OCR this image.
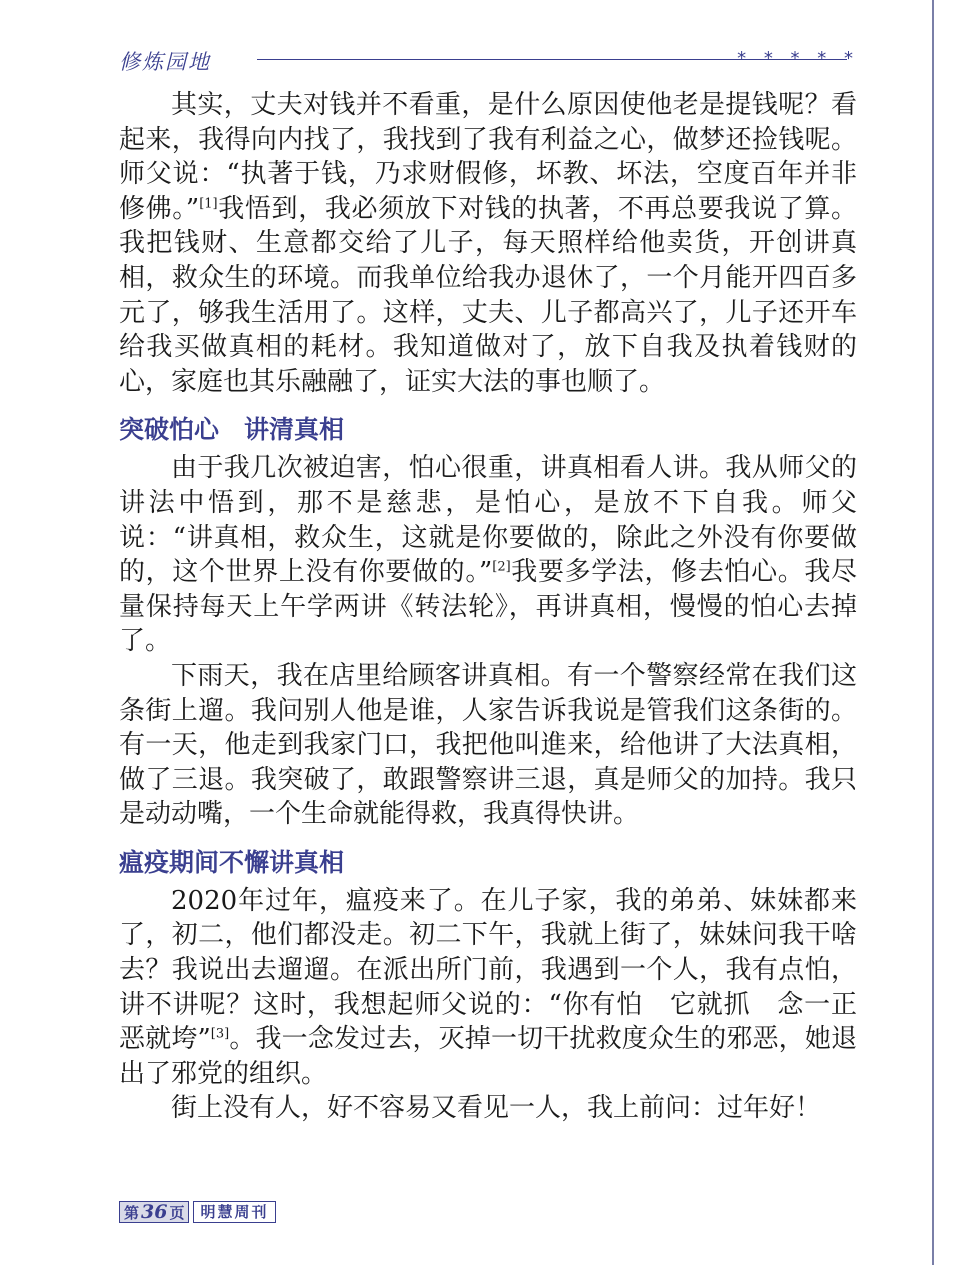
修炼园地	* * * * *

其实，丈夫对钱并不看重，是什么原因使他老是提钱呢？看起来，我得向内找了，我找到了我有利益之心，做梦还捡钱呢。师父说：“执著于钱，乃求财假修，坏教、坏法，空度百年并非修佛。”[1]我悟到，我必须放下对钱的执著，不再总要我说了算。我把钱财、生意都交给了儿子，每天照样给他卖货，开创讲真相，救众生的环境。而我单位给我办退休了，一个月能开四百多元了，够我生活用了。这样，丈夫、儿子都高兴了，儿子还开车给我买做真相的耗材。我知道做对了，放下自我及执着钱财的心，家庭也其乐融融了，证实大法的事也顺了。

突破怕心　讲清真相

由于我几次被迫害，怕心很重，讲真相看人讲。我从师父的讲法中悟到，那不是慈悲，是怕心，是放不下自我。师父说：“讲真相，救众生，这就是你要做的，除此之外没有你要做的，这个世界上没有你要做的。”[2]我要多学法，修去怕心。我尽量保持每天上午学两讲《转法轮》，再讲真相，慢慢的怕心去掉了。

下雨天，我在店里给顾客讲真相。有一个警察经常在我们这条街上遛。我问别人他是谁，人家告诉我说是管我们这条街的。有一天，他走到我家门口，我把他叫進来，给他讲了大法真相，做了三退。我突破了，敢跟警察讲三退，真是师父的加持。我只是动动嘴，一个生命就能得救，我真得快讲。

瘟疫期间不懈讲真相

2020年过年，瘟疫来了。在儿子家，我的弟弟、妹妹都来了，初二，他们都没走。初二下午，我就上街了，妹妹问我干啥去？我说出去遛遛。在派出所门前，我遇到一个人，我有点怕，讲不讲呢？这时，我想起师父说的：“你有怕　它就抓　念一正　恶就垮”[3]。我一念发过去，灭掉一切干扰救度众生的邪恶，她退出了邪党的组织。

街上没有人，好不容易又看见一人，我上前问：过年好！

第 36 页	明慧周刊
